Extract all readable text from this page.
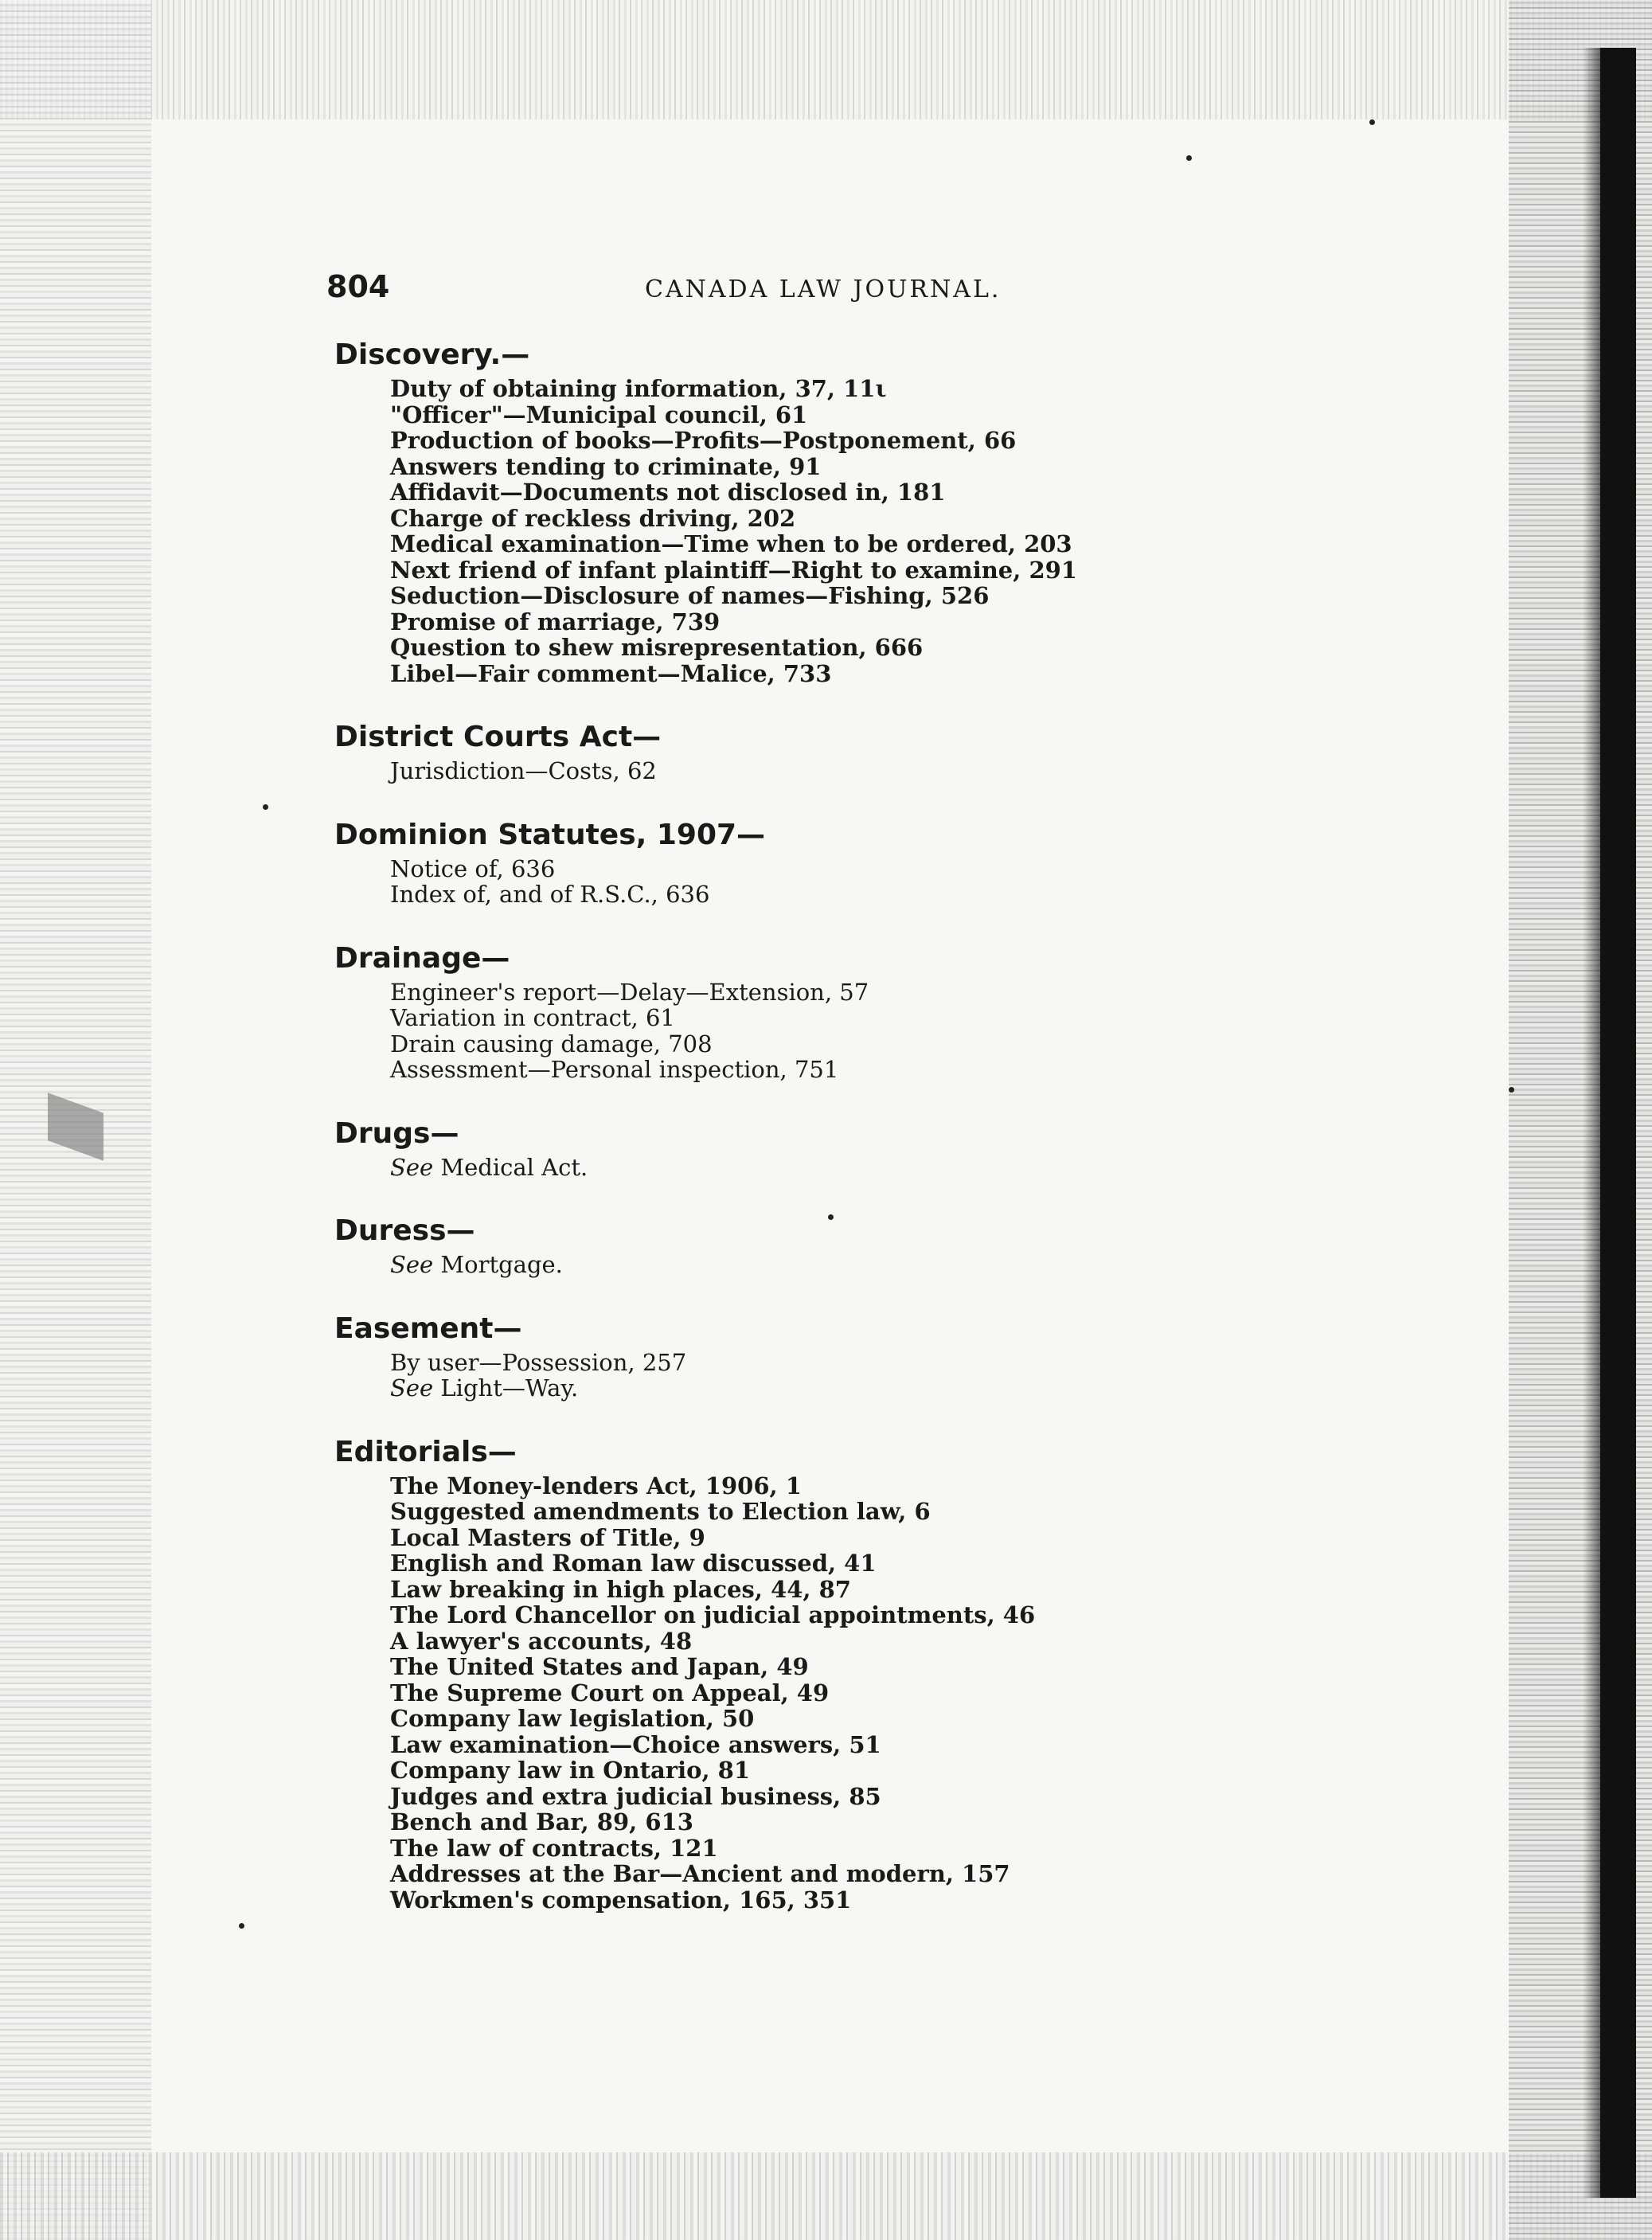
804	CANADA LAW JOURNAL.
Discovery.—
Duty of obtaining information, 37, 11ι
"Officer"—Municipal council, 61
Production of books—Profits—Postponement, 66
Answers tending to criminate, 91
Affidavit—Documents not disclosed in, 181
Charge of reckless driving, 202
Medical examination—Time when to be ordered, 203
Next friend of infant plaintiff—Right to examine, 291
Seduction—Disclosure of names—Fishing, 526
Promise of marriage, 739
Question to shew misrepresentation, 666
Libel—Fair comment—Malice, 733
District Courts Act—
Jurisdiction—Costs, 62
Dominion Statutes, 1907—
Notice of, 636
Index of, and of R.S.C., 636
Drainage—
Engineer's report—Delay—Extension, 57
Variation in contract, 61
Drain causing damage, 708
Assessment—Personal inspection, 751
Drugs—
See Medical Act.
Duress—
See Mortgage.
Easement—
By user—Possession, 257
See Light—Way.
Editorials—
The Money-lenders Act, 1906, 1
Suggested amendments to Election law, 6
Local Masters of Title, 9
English and Roman law discussed, 41
Law breaking in high places, 44, 87
The Lord Chancellor on judicial appointments, 46
A lawyer's accounts, 48
The United States and Japan, 49
The Supreme Court on Appeal, 49
Company law legislation, 50
Law examination—Choice answers, 51
Company law in Ontario, 81
Judges and extra judicial business, 85
Bench and Bar, 89, 613
The law of contracts, 121
Addresses at the Bar—Ancient and modern, 157
Workmen's compensation, 165, 351
